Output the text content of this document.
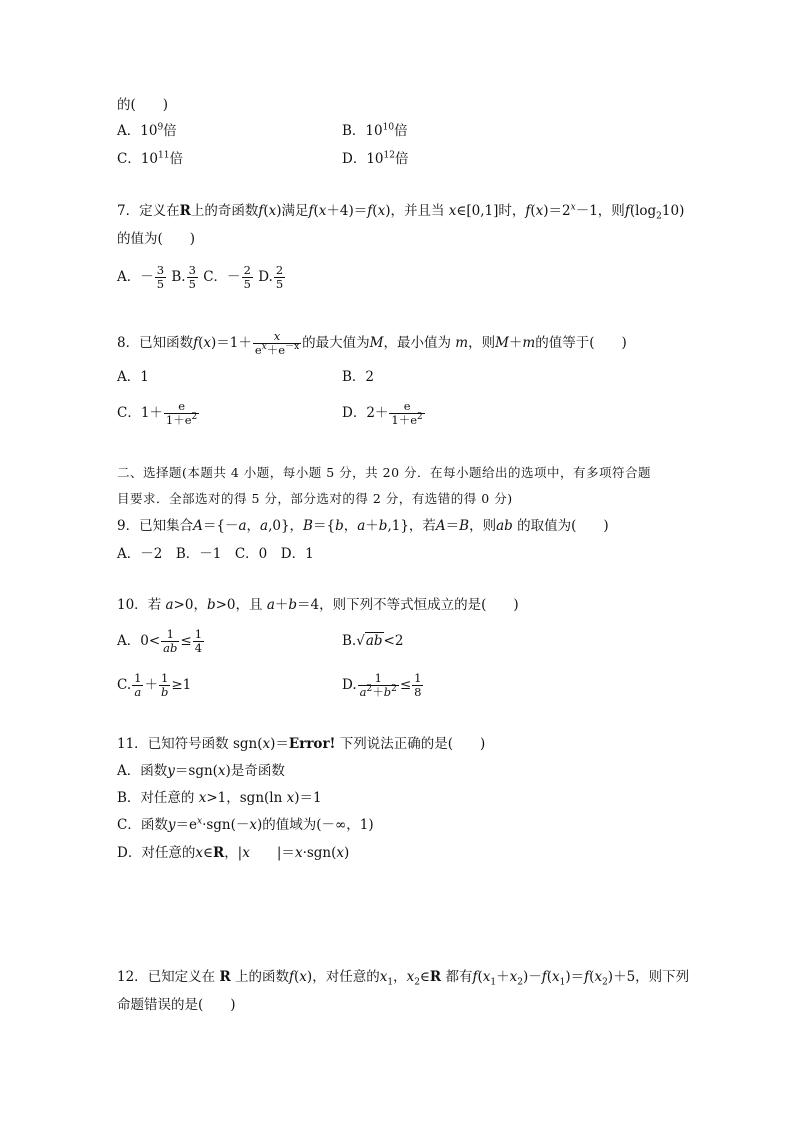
的(　　)
A．$10^9$倍	B．$10^{10}$倍
C．$10^{11}$倍	D．$10^{12}$倍
7．定义在R上的奇函数f(x)满足f(x＋4)＝f(x)，并且当 x∈[0,1]时，$f(x)=2^x-1$，则$f(\log_210)$
的值为(　　)
A．－ $\frac{3}{5} B$. $\frac{3}{5}$ C．－ $\frac{2}{5} D$. $\frac{2}{5}$
8．已知函数$f(x)=1+ \frac{x}{e^x+e^{-x}}$ 的最大值为M，最小值为 m，则M＋m的值等于(　　)
A．1	B．2
C．$1+ \frac{e}{1+e^2}$	D．$2+ \frac{e}{1+e^2}$
二、选择题(本题共 4 小题，每小题 5 分，共 20 分．在每小题给出的选项中，有多项符合题
目要求．全部选对的得 5 分，部分选对的得 2 分，有选错的得 0 分)
9．已知集合A＝{－a，a,0}，B＝{b，a＋b,1}，若A＝B，则ab 的取值为(　　)
A．－2　B．－1　C．0　D．1
10．若 a>0，b>0，且 a＋b＝4，则下列不等式恒成立的是(　　)
A．$0< \frac{1}{ab} \le \frac{1}{4}$	B.√ab<2
C. $\frac{1}{a} + \frac{1}{b} \ge 1$	D. $\frac{1}{a^2+b^2} \le \frac{1}{8}$
11．已知符号函数 sgn(x)＝Error! 下列说法正确的是(　　)
A．函数y＝sgn(x)是奇函数
B．对任意的 x>1，sgn(ln x)＝1
C．函数$y=e^x\cdot sgn(-x)$的值域为(－∞，1)
D．对任意的x∈R，|x　　|＝x·sgn(x)
12．已知定义在 R 上的函数f(x)，对任意的$x_1$，$x_2\in R$ 都有$f(x_1+x_2)-f(x_1)=f(x_2)+5$，则下列
命题错误的是(　　)
